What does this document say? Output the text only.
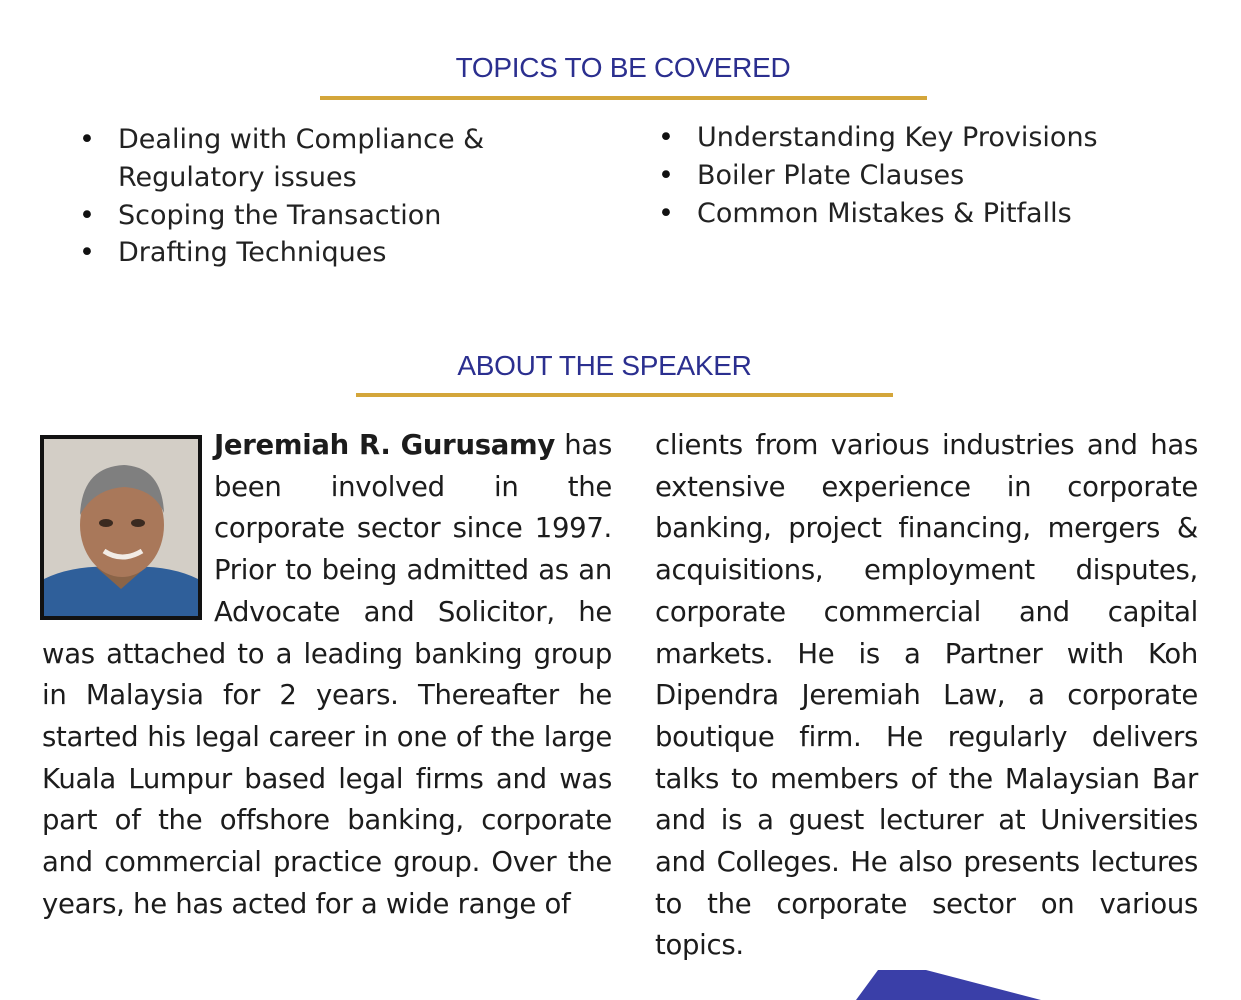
TOPICS TO BE COVERED
• Dealing with Compliance & Regulatory issues
• Scoping the Transaction
• Drafting Techniques
• Understanding Key Provisions
• Boiler Plate Clauses
• Common Mistakes & Pitfalls
ABOUT THE SPEAKER

Jeremiah R. Gurusamy has been involved in the corporate sector since 1997. Prior to being admitted as an Advocate and Solicitor, he was attached to a leading banking group in Malaysia for 2 years. Thereafter he started his legal career in one of the large Kuala Lumpur based legal firms and was part of the offshore banking, corporate and commercial practice group. Over the years, he has acted for a wide range of

clients from various industries and has extensive experience in corporate banking, project financing, mergers & acquisitions, employment disputes, corporate commercial and capital markets. He is a Partner with Koh Dipendra Jeremiah Law, a corporate boutique firm. He regularly delivers talks to members of the Malaysian Bar and is a guest lecturer at Universities and Colleges. He also presents lectures to the corporate sector on various topics.
